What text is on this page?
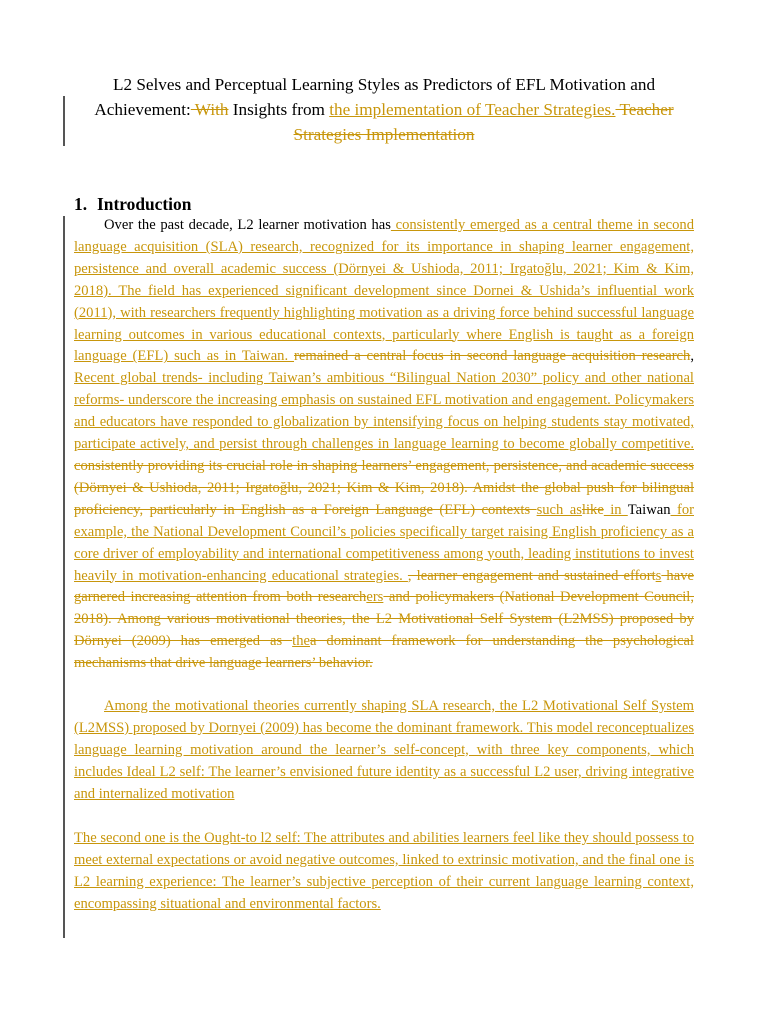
L2 Selves and Perceptual Learning Styles as Predictors of EFL Motivation and Achievement: With Insights from the implementation of Teacher Strategies. Teacher Strategies Implementation
1. Introduction

Over the past decade, L2 learner motivation has consistently emerged as a central theme in second language acquisition (SLA) research, recognized for its importance in shaping learner engagement, persistence and overall academic success (Dörnyei & Ushioda, 2011; Irgatoğlu, 2021; Kim & Kim, 2018). The field has experienced significant development since Dornei & Ushida’s influential work (2011), with researchers frequently highlighting motivation as a driving force behind successful language learning outcomes in various educational contexts, particularly where English is taught as a foreign language (EFL) such as in Taiwan. remained a central focus in second language acquisition research, Recent global trends- including Taiwan’s ambitious “Bilingual Nation 2030” policy and other national reforms- underscore the increasing emphasis on sustained EFL motivation and engagement. Policymakers and educators have responded to globalization by intensifying focus on helping students stay motivated, participate actively, and persist through challenges in language learning to become globally competitive. consistently providing its crucial role in shaping learners’ engagement, persistence, and academic success (Dörnyei & Ushioda, 2011; Irgatoğlu, 2021; Kim & Kim, 2018). Amidst the global push for bilingual proficiency, particularly in English as a Foreign Language (EFL) contexts such aslike in Taiwan for example, the National Development Council’s policies specifically target raising English proficiency as a core driver of employability and international competitiveness among youth, leading institutions to invest heavily in motivation-enhancing educational strategies. , learner engagement and sustained efforts have garnered increasing attention from both researchers and policymakers (National Development Council, 2018). Among various motivational theories, the L2 Motivational Self System (L2MSS) proposed by Dörnyei (2009) has emerged as thea dominant framework for understanding the psychological mechanisms that drive language learners’ behavior.

Among the motivational theories currently shaping SLA research, the L2 Motivational Self System (L2MSS) proposed by Dornyei (2009) has become the dominant framework. This model reconceptualizes language learning motivation around the learner’s self-concept, with three key components, which includes Ideal L2 self: The learner’s envisioned future identity as a successful L2 user, driving integrative and internalized motivation

The second one is the Ought-to l2 self: The attributes and abilities learners feel like they should possess to meet external expectations or avoid negative outcomes, linked to extrinsic motivation, and the final one is L2 learning experience: The learner’s subjective perception of their current language learning context, encompassing situational and environmental factors.
